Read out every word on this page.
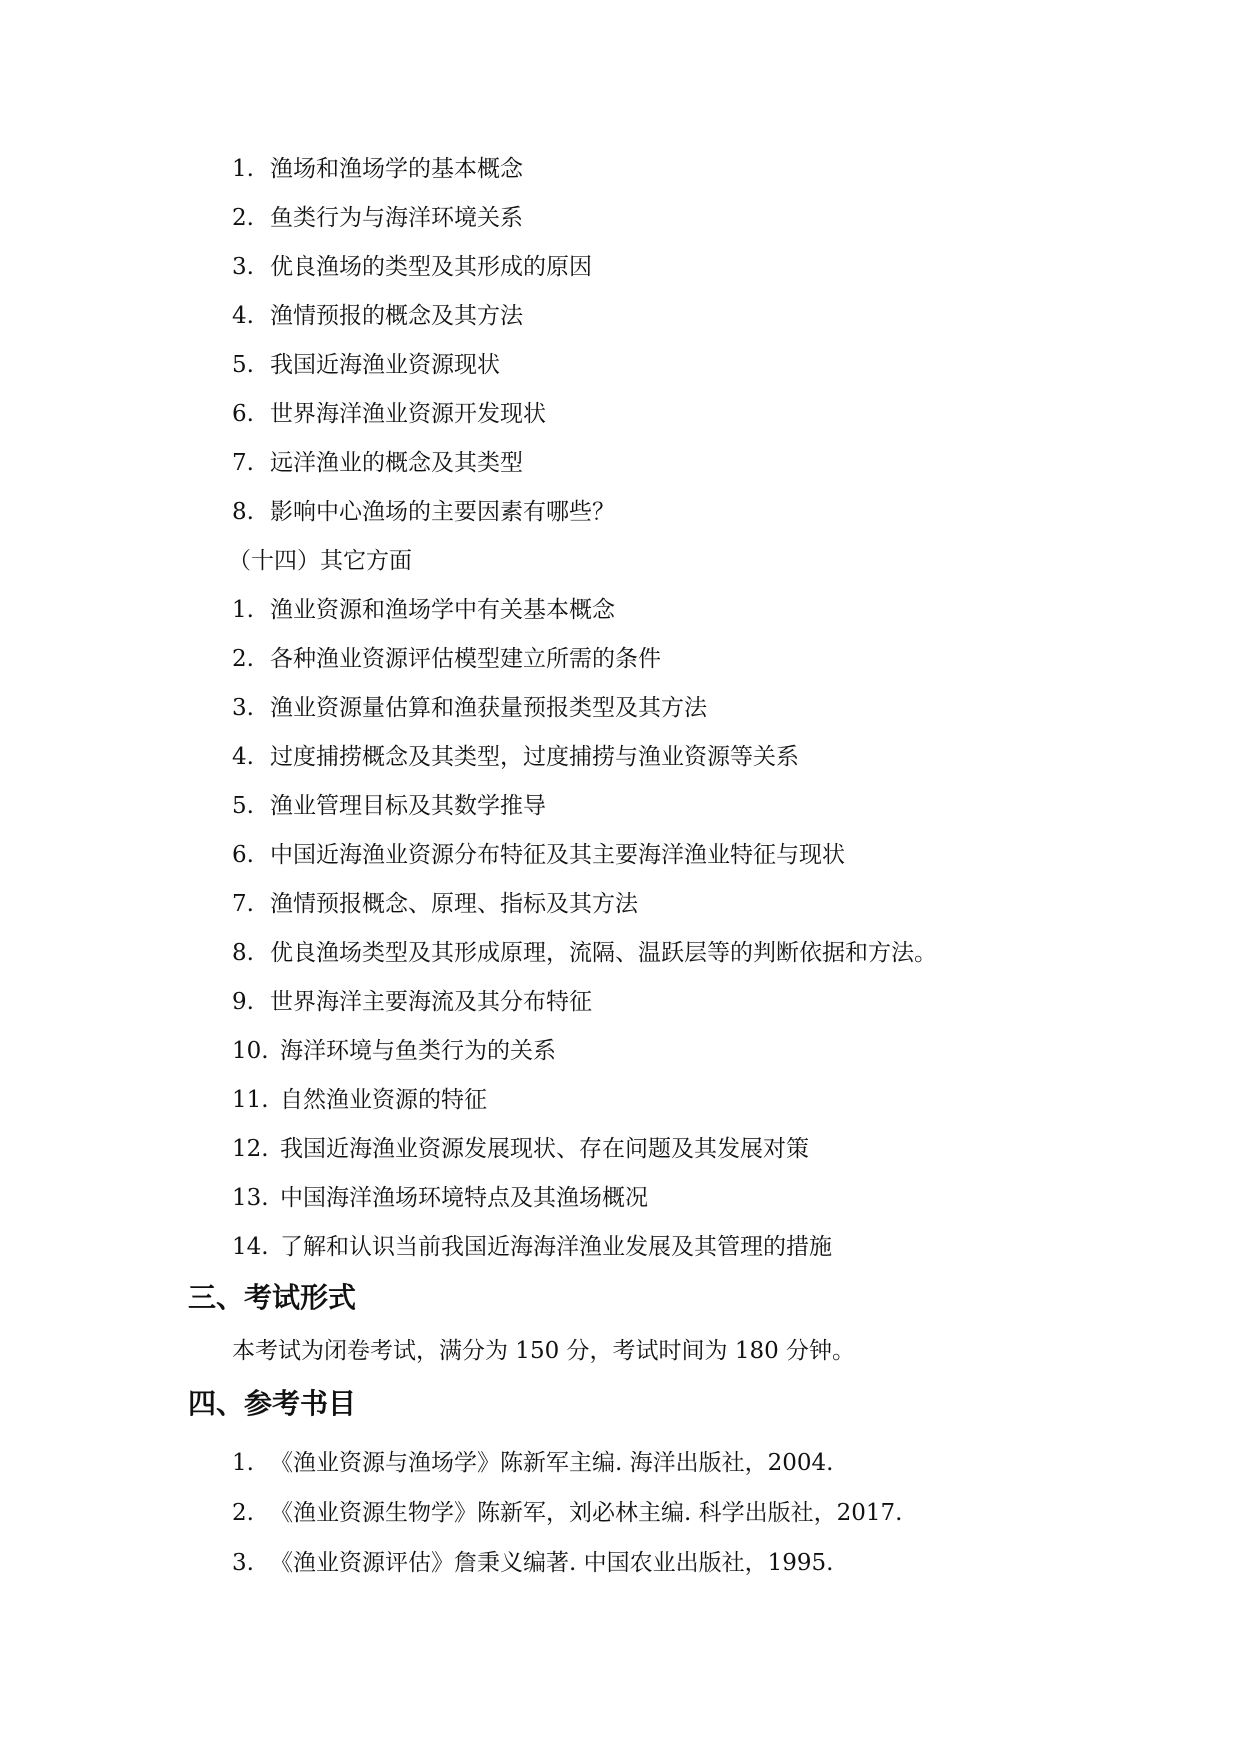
1. 渔场和渔场学的基本概念
2. 鱼类行为与海洋环境关系
3. 优良渔场的类型及其形成的原因
4. 渔情预报的概念及其方法
5. 我国近海渔业资源现状
6. 世界海洋渔业资源开发现状
7. 远洋渔业的概念及其类型
8. 影响中心渔场的主要因素有哪些？
（十四）其它方面
1. 渔业资源和渔场学中有关基本概念
2. 各种渔业资源评估模型建立所需的条件
3. 渔业资源量估算和渔获量预报类型及其方法
4. 过度捕捞概念及其类型，过度捕捞与渔业资源等关系
5. 渔业管理目标及其数学推导
6. 中国近海渔业资源分布特征及其主要海洋渔业特征与现状
7. 渔情预报概念、原理、指标及其方法
8. 优良渔场类型及其形成原理，流隔、温跃层等的判断依据和方法。
9. 世界海洋主要海流及其分布特征
10. 海洋环境与鱼类行为的关系
11. 自然渔业资源的特征
12. 我国近海渔业资源发展现状、存在问题及其发展对策
13. 中国海洋渔场环境特点及其渔场概况
14. 了解和认识当前我国近海海洋渔业发展及其管理的措施
三、考试形式
本考试为闭卷考试，满分为 150 分，考试时间为 180 分钟。
四、参考书目
1. 《渔业资源与渔场学》陈新军主编. 海洋出版社，2004.
2. 《渔业资源生物学》陈新军，刘必林主编. 科学出版社，2017.
3. 《渔业资源评估》詹秉义编著. 中国农业出版社，1995.
